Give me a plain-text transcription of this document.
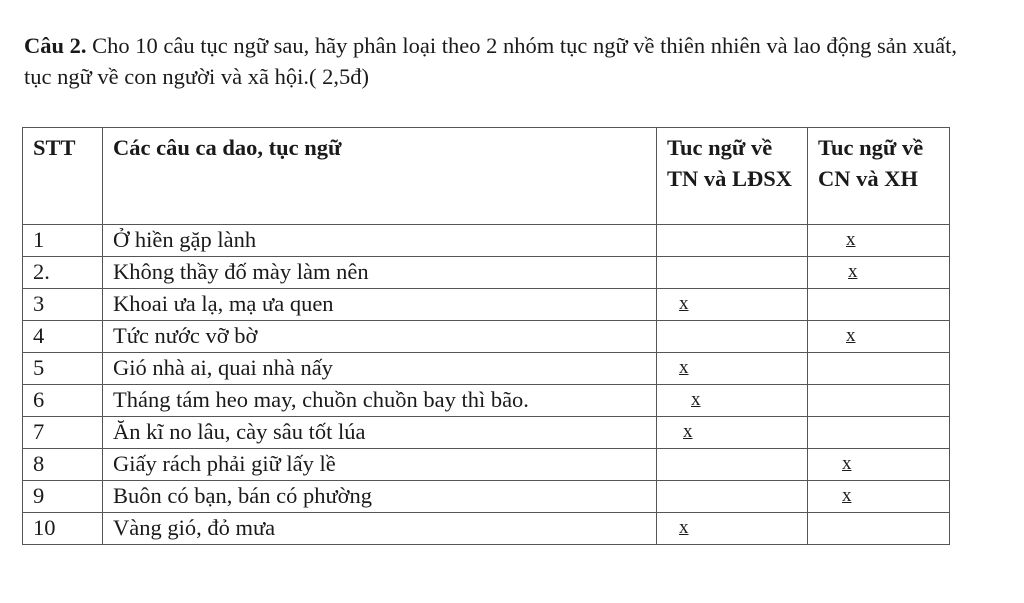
Câu 2. Cho 10 câu tục ngữ sau, hãy phân loại theo 2 nhóm tục ngữ về thiên nhiên và lao động sản xuất, tục ngữ về con người và xã hội.( 2,5đ)

STT	Các câu ca dao, tục ngữ	Tuc ngữ về TN và LĐSX	Tuc ngữ về CN và XH
1	Ở hiền gặp lành		x
2.	Không thầy đố mày làm nên		x
3	Khoai ưa lạ, mạ ưa quen	x	
4	Tức nước vỡ bờ		x
5	Gió nhà ai, quai nhà nấy	x	
6	Tháng tám heo may, chuồn chuồn bay thì bão.	x	
7	Ăn kĩ no lâu, cày sâu tốt lúa	x	
8	Giấy rách phải giữ lấy lề		x
9	Buôn có bạn, bán có phường		x
10	Vàng gió, đỏ mưa	x	
